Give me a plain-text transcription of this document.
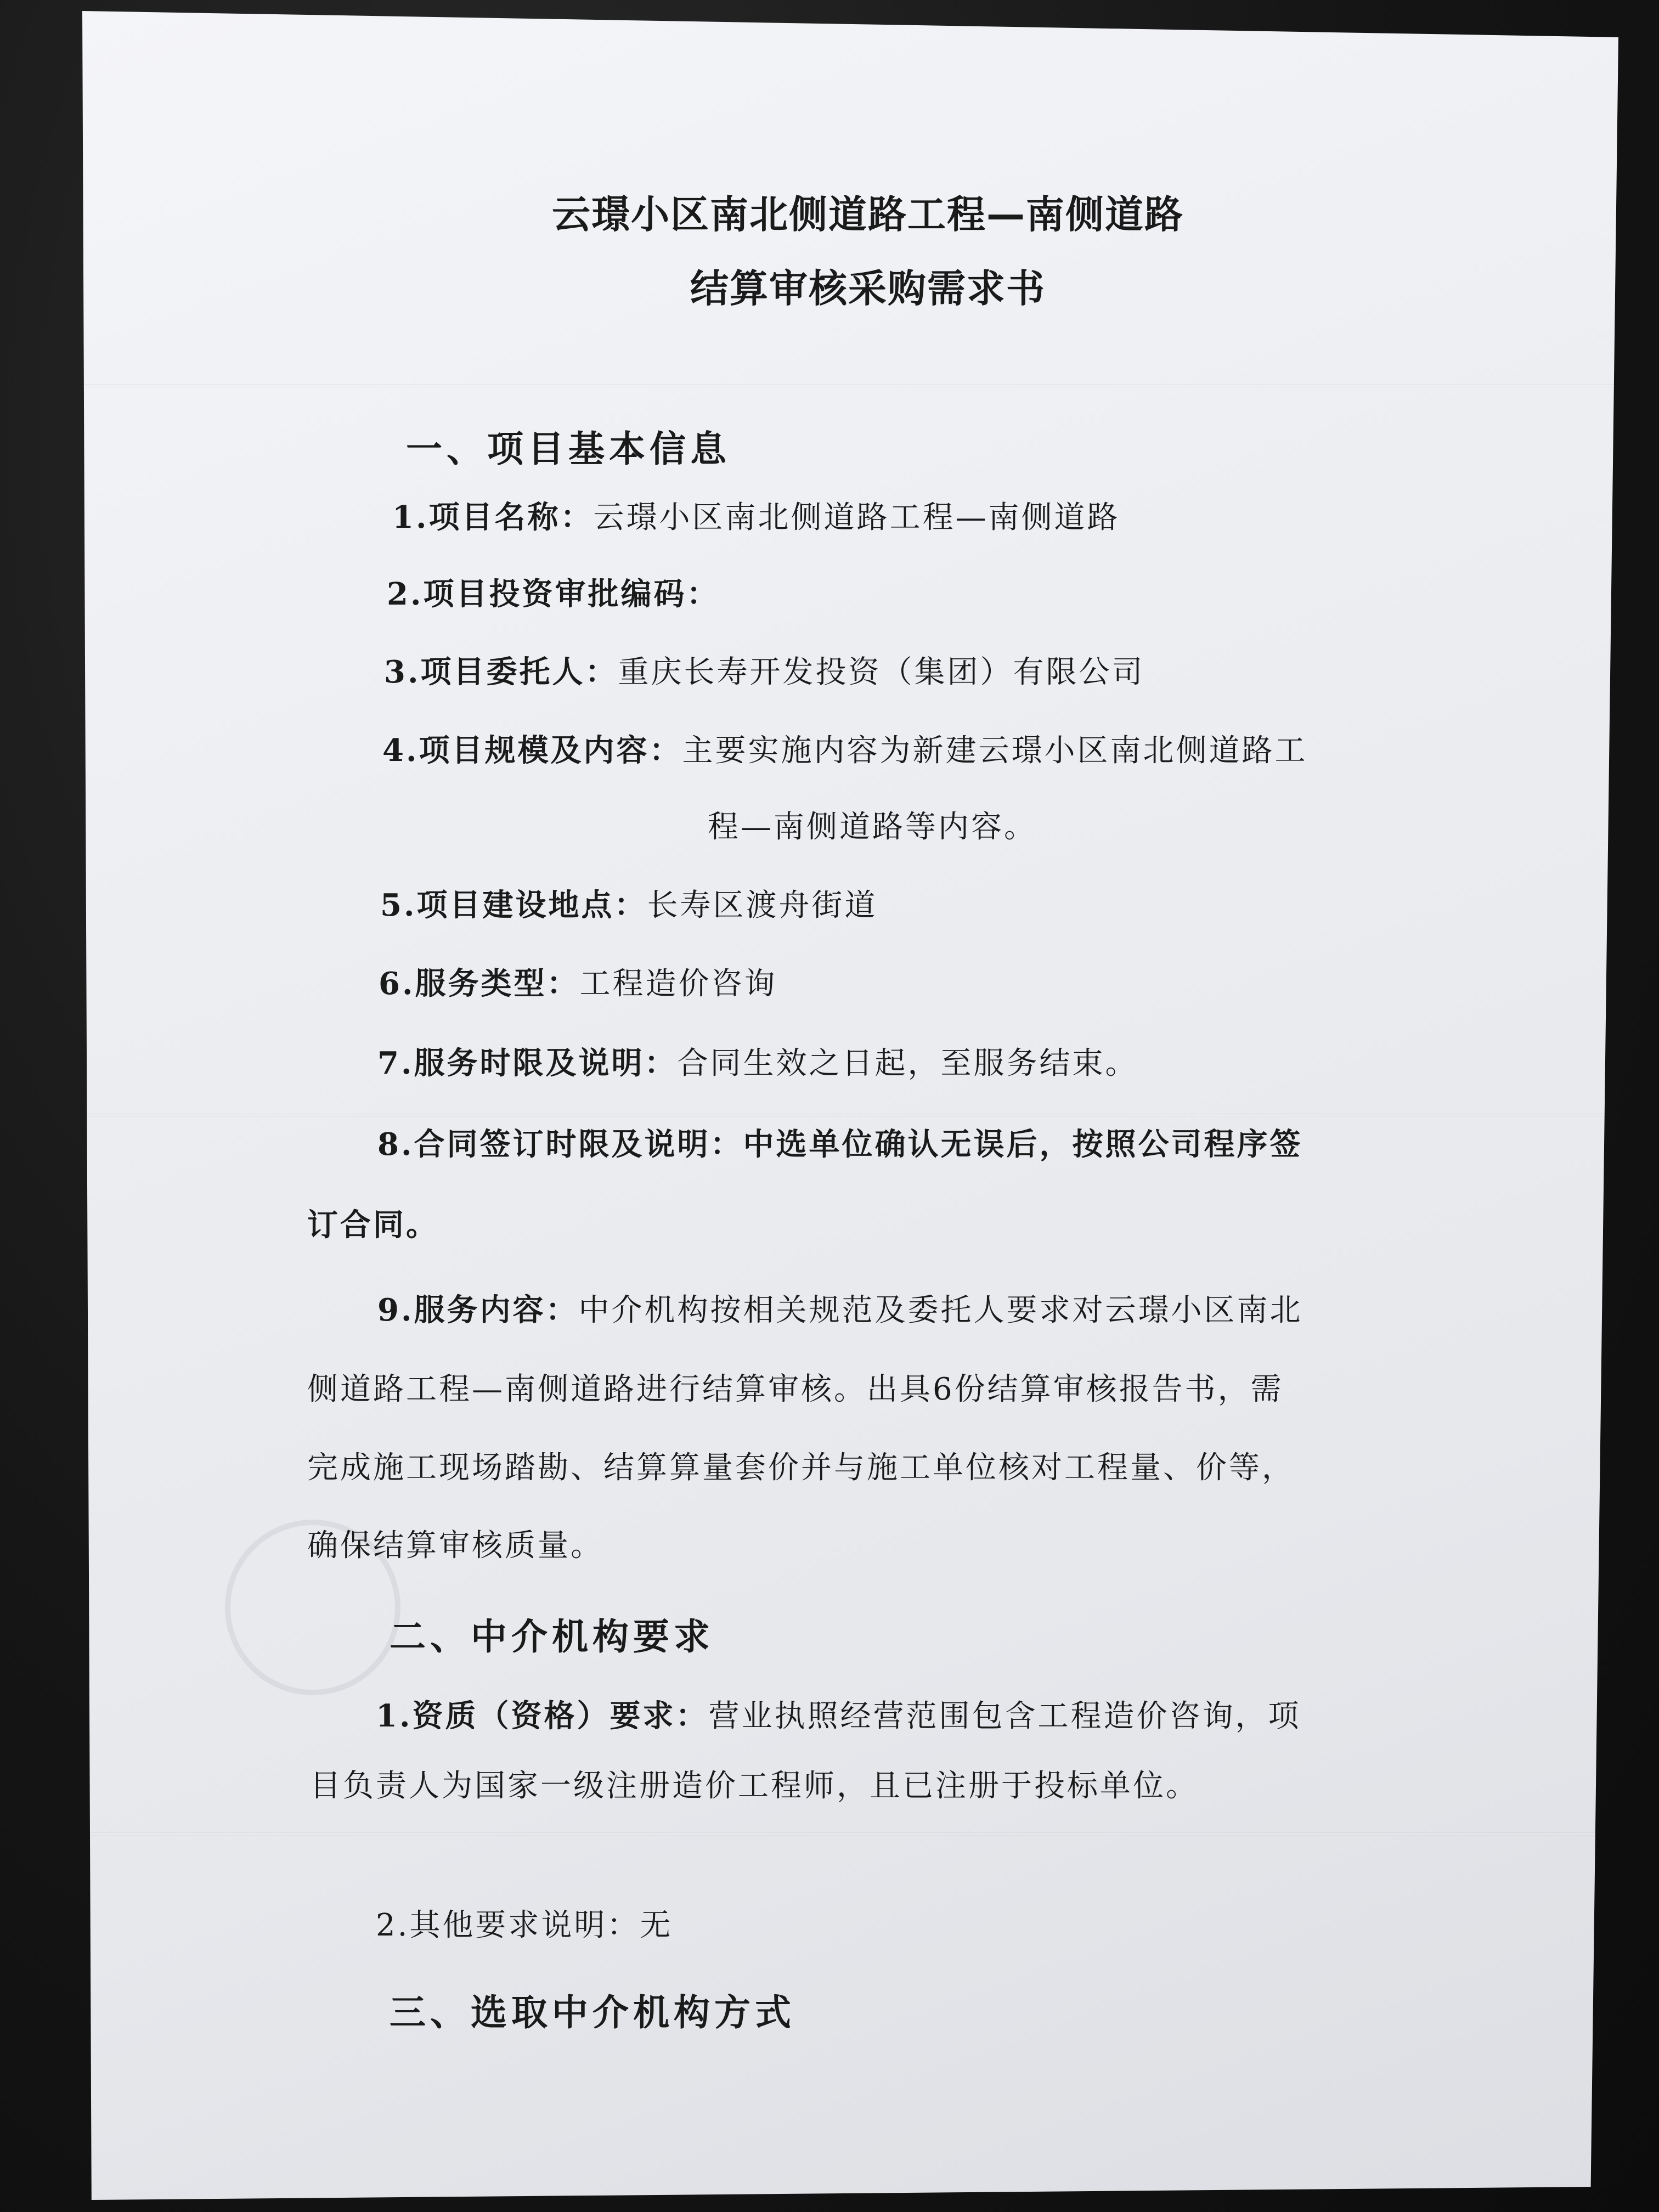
云璟小区南北侧道路工程—南侧道路
结算审核采购需求书
一、项目基本信息
1.项目名称：云璟小区南北侧道路工程—南侧道路
2.项目投资审批编码：
3.项目委托人：重庆长寿开发投资（集团）有限公司
4.项目规模及内容：主要实施内容为新建云璟小区南北侧道路工
程—南侧道路等内容。
5.项目建设地点：长寿区渡舟街道
6.服务类型：工程造价咨询
7.服务时限及说明：合同生效之日起，至服务结束。
8.合同签订时限及说明：中选单位确认无误后，按照公司程序签
订合同。
9.服务内容：中介机构按相关规范及委托人要求对云璟小区南北
侧道路工程—南侧道路进行结算审核。出具6份结算审核报告书，需
完成施工现场踏勘、结算算量套价并与施工单位核对工程量、价等，
确保结算审核质量。
二、中介机构要求
1.资质（资格）要求：营业执照经营范围包含工程造价咨询，项
目负责人为国家一级注册造价工程师，且已注册于投标单位。
2.其他要求说明：无
三、选取中介机构方式
